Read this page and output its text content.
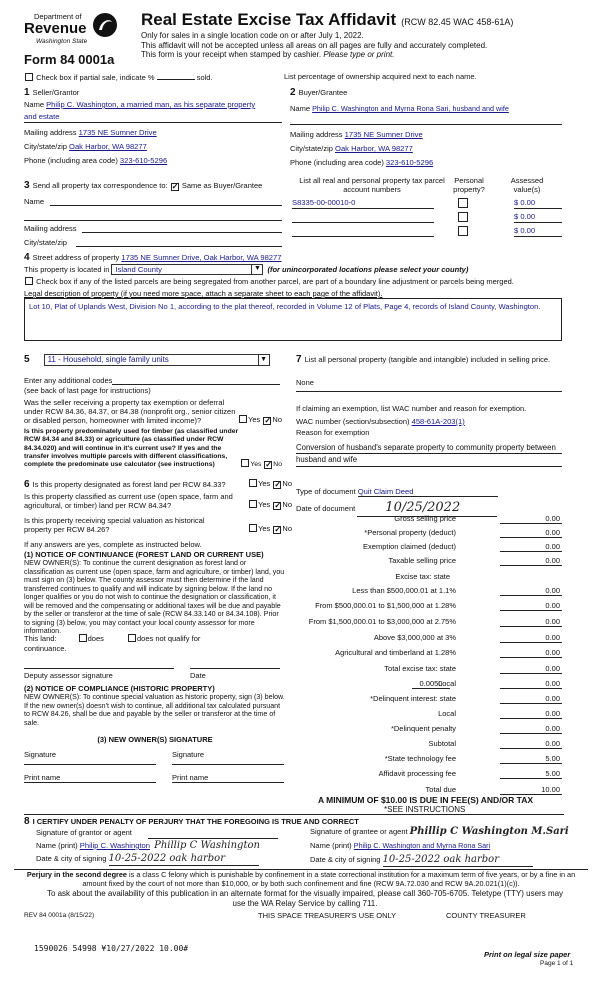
Department of
Revenue
Washington State
Form 84 0001a
Real Estate Excise Tax Affidavit (RCW 82.45 WAC 458-61A)
Only for sales in a single location code on or after July 1, 2022.
This affidavit will not be accepted unless all areas on all pages are fully and accurately completed.
This form is your receipt when stamped by cashier. Please type or print.
Check box if partial sale, indicate %	sold.	List percentage of ownership acquired next to each name.
1 Seller/Grantor
Name Philip C. Washington, a married man, as his separate property
and estate
Mailing address 1735 NE Sumner Drive
City/state/zip Oak Harbor, WA 98277
Phone (including area code) 323-610-5296
2 Buyer/Grantee
Name Philip C. Washington and Myrna Rona Sari, husband and wife
Mailing address 1735 NE Sumner Drive
City/state/zip Oak Harbor, WA 98277
Phone (including area code) 323-610-5296
3 Send all property tax correspondence to: ✓ Same as Buyer/Grantee
Name
Mailing address
City/state/zip
List all real and personal property tax parcel account numbers
Personal property?
Assessed value(s)
S8335-00-00010-0	$ 0.00
$ 0.00
$ 0.00
4 Street address of property 1735 NE Sumner Drive, Oak Harbor, WA 98277
This property is located in Island County	▼ (for unincorporated locations please select your county)
Check box if any of the listed parcels are being segregated from another parcel, are part of a boundary line adjustment or parcels being merged.
Legal description of property (if you need more space, attach a separate sheet to each page of the affidavit).
Lot 10, Plat of Uplands West, Division No 1, according to the plat thereof, recorded in Volume 12 of Plats, Page 4, records of Island County, Washington.
5 11 - Household, single family units	▼
Enter any additional codes
(see back of last page for instructions)
Was the seller receiving a property tax exemption or deferral under RCW 84.36, 84.37, or 84.38 (nonprofit org., senior citizen or disabled person, homeowner with limited income)?	Yes ✓No
Is this property predominately used for timber (as classified under RCW 84.34 and 84.33) or agriculture (as classified under RCW 84.34.020) and will continue in it's current use? If yes and the transfer involves multiple parcels with different classifications, complete the predominate use calculator (see instructions)	Yes ✓No
6 Is this property designated as forest land per RCW 84.33?	Yes ✓No
Is this property classified as current use (open space, farm and agricultural, or timber) land per RCW 84.34?	Yes ✓No
Is this property receiving special valuation as historical property per RCW 84.26?	Yes ✓No
If any answers are yes, complete as instructed below.
(1) NOTICE OF CONTINUANCE (FOREST LAND OR CURRENT USE)
NEW OWNER(S): To continue the current designation as forest land or classification as current use (open space, farm and agriculture, or timber) land, you must sign on (3) below. The county assessor must then determine if the land transferred continues to qualify and will indicate by signing below. If the land no longer qualifies or you do not wish to continue the designation or classification, it will be removed and the compensating or additional taxes will be due and payable by the seller or transferor at the time of sale (RCW 84.33.140 or 84.34.108). Prior to signing (3) below, you may contact your local county assessor for more information.
This land:	does	does not qualify for
continuance.
Deputy assessor signature	Date
(2) NOTICE OF COMPLIANCE (HISTORIC PROPERTY)
NEW OWNER(S): To continue special valuation as historic property, sign (3) below. If the new owner(s) doesn't wish to continue, all additional tax calculated pursuant to RCW 84.26, shall be due and payable by the seller or transferor at the time of sale.
(3) NEW OWNER(S) SIGNATURE
Signature	Signature
Print name	Print name
7 List all personal property (tangible and intangible) included in selling price.
None
If claiming an exemption, list WAC number and reason for exemption.
WAC number (section/subsection) 458-61A-203(1)
Reason for exemption
Conversion of husband's separate property to community property between husband and wife
Type of document Quit Claim Deed
Date of document 10/25/2022
Gross selling price	0.00
*Personal property (deduct)	0.00
Exemption claimed (deduct)	0.00
Taxable selling price	0.00
Excise tax: state
Less than $500,000.01 at 1.1%	0.00
From $500,000.01 to $1,500,000 at 1.28%	0.00
From $1,500,000.01 to $3,000,000 at 2.75%	0.00
Above $3,000,000 at 3%	0.00
Agricultural and timberland at 1.28%	0.00
Total excise tax: state	0.00
0.0050
Local	0.00
*Delinquent interest: state	0.00
Local	0.00
*Delinquent penalty	0.00
Subtotal	0.00
*State technology fee	5.00
Affidavit processing fee	5.00
Total due	10.00
A MINIMUM OF $10.00 IS DUE IN FEE(S) AND/OR TAX
*SEE INSTRUCTIONS
8 I CERTIFY UNDER PENALTY OF PERJURY THAT THE FOREGOING IS TRUE AND CORRECT
Signature of grantor or agent
Name (print) Philip C. Washington Phillip C Washington
Date & city of signing 10-25-2022 oak harbor
Signature of grantee or agent Phillip C Washington M.Sari
Name (print) Philip C. Washington and Myrna Rona Sari
Date & city of signing 10-25-2022 oak harbor
Perjury in the second degree is a class C felony which is punishable by confinement in a state correctional institution for a maximum term of five years, or by a fine in an amount fixed by the court of not more than $10,000, or by both such confinement and fine (RCW 9A.72.030 and RCW 9A.20.021(1)(c)).
To ask about the availability of this publication in an alternate format for the visually impaired, please call 360-705-6705. Teletype (TTY) users may use the WA Relay Service by calling 711.
REV 84 0001a (8/15/22)	THIS SPACE TREASURER'S USE ONLY	COUNTY TREASURER
1590026 54998 ¥10/27/2022 10.00#
Print on legal size paper
Page 1 of 1
